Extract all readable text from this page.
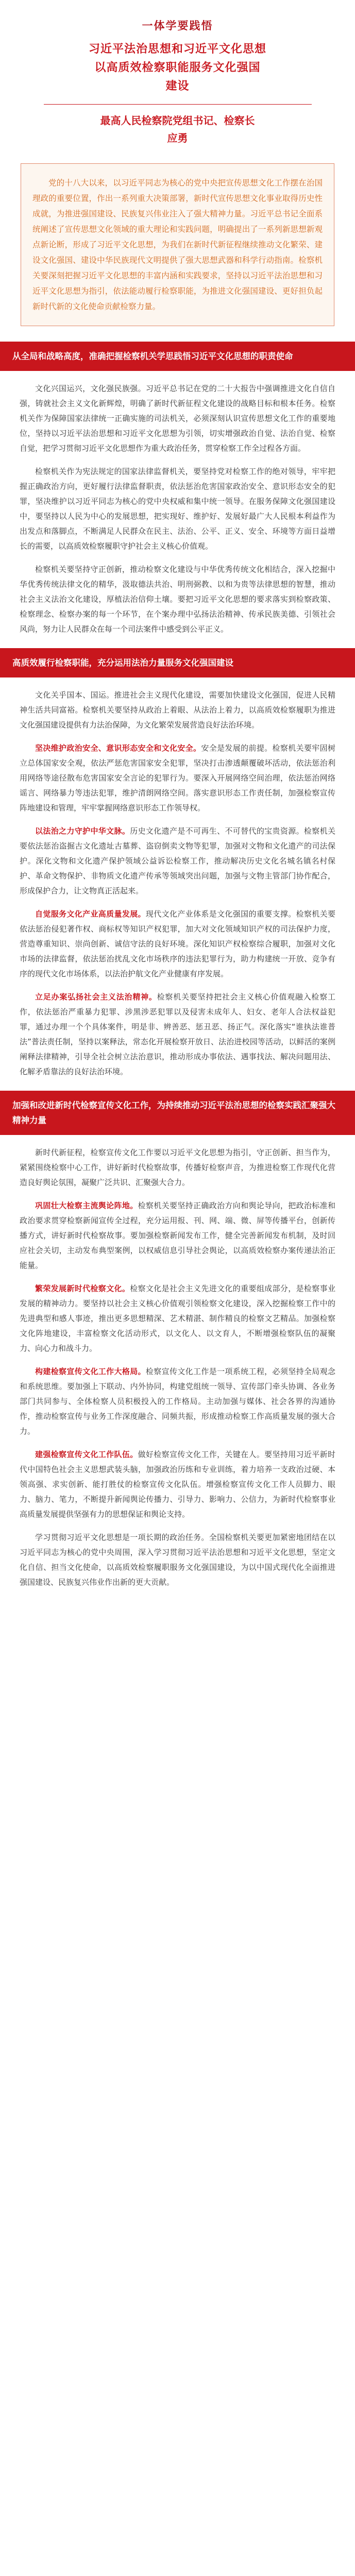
一体学要践悟
习近平法治思想和习近平文化思想
以高质效检察职能服务文化强国
建设
最高人民检察院党组书记、检察长
应勇

党的十八大以来，以习近平同志为核心的党中央把宣传思想文化工作摆在治国理政的重要位置，作出一系列重大决策部署，新时代宣传思想文化事业取得历史性成就，为推进强国建设、民族复兴伟业注入了强大精神力量。习近平总书记全面系统阐述了宣传思想文化领域的重大理论和实践问题，明确提出了一系列新思想新观点新论断，形成了习近平文化思想，为我们在新时代新征程继续推动文化繁荣、建设文化强国、建设中华民族现代文明提供了强大思想武器和科学行动指南。检察机关要深刻把握习近平文化思想的丰富内涵和实践要求，坚持以习近平法治思想和习近平文化思想为指引，依法能动履行检察职能，为推进文化强国建设、更好担负起新时代新的文化使命贡献检察力量。

从全局和战略高度，准确把握检察机关学思践悟习近平文化思想的职责使命

文化兴国运兴，文化强民族强。习近平总书记在党的二十大报告中强调推进文化自信自强，铸就社会主义文化新辉煌，明确了新时代新征程文化建设的战略目标和根本任务。检察机关作为保障国家法律统一正确实施的司法机关，必须深刻认识宣传思想文化工作的重要地位，坚持以习近平法治思想和习近平文化思想为引领，切实增强政治自觉、法治自觉、检察自觉，把学习贯彻习近平文化思想作为重大政治任务，贯穿检察工作全过程各方面。

检察机关作为宪法规定的国家法律监督机关，要坚持党对检察工作的绝对领导，牢牢把握正确政治方向，更好履行法律监督职责，依法惩治危害国家政治安全、意识形态安全的犯罪，坚决维护以习近平同志为核心的党中央权威和集中统一领导。在服务保障文化强国建设中，要坚持以人民为中心的发展思想，把实现好、维护好、发展好最广大人民根本利益作为出发点和落脚点，不断满足人民群众在民主、法治、公平、正义、安全、环境等方面日益增长的需要，以高质效检察履职守护社会主义核心价值观。

检察机关要坚持守正创新，推动检察文化建设与中华优秀传统文化相结合，深入挖掘中华优秀传统法律文化的精华，汲取德法共治、明刑弼教、以和为贵等法律思想的智慧，推动社会主义法治文化建设，厚植法治信仰土壤。要把习近平文化思想的要求落实到检察政策、检察理念、检察办案的每一个环节，在个案办理中弘扬法治精神、传承民族美德、引领社会风尚，努力让人民群众在每一个司法案件中感受到公平正义。

高质效履行检察职能，充分运用法治力量服务文化强国建设

文化关乎国本、国运。推进社会主义现代化建设，需要加快建设文化强国，促进人民精神生活共同富裕。检察机关要坚持从政治上着眼、从法治上着力，以高质效检察履职为推进文化强国建设提供有力法治保障，为文化繁荣发展营造良好法治环境。

坚决维护政治安全、意识形态安全和文化安全。安全是发展的前提。检察机关要牢固树立总体国家安全观，依法严惩危害国家安全犯罪，坚决打击渗透颠覆破坏活动，依法惩治利用网络等途径散布危害国家安全言论的犯罪行为。要深入开展网络空间治理，依法惩治网络谣言、网络暴力等违法犯罪，维护清朗网络空间。落实意识形态工作责任制，加强检察宣传阵地建设和管理，牢牢掌握网络意识形态工作领导权。

以法治之力守护中华文脉。历史文化遗产是不可再生、不可替代的宝贵资源。检察机关要依法惩治盗掘古文化遗址古墓葬、盗窃倒卖文物等犯罪，加强对文物和文化遗产的司法保护。深化文物和文化遗产保护领域公益诉讼检察工作，推动解决历史文化名城名镇名村保护、革命文物保护、非物质文化遗产传承等领域突出问题，加强与文物主管部门协作配合，形成保护合力，让文物真正活起来。

自觉服务文化产业高质量发展。现代文化产业体系是文化强国的重要支撑。检察机关要依法惩治侵犯著作权、商标权等知识产权犯罪，加大对文化领域知识产权的司法保护力度，营造尊重知识、崇尚创新、诚信守法的良好环境。深化知识产权检察综合履职，加强对文化市场的法律监督，依法惩治扰乱文化市场秩序的违法犯罪行为，助力构建统一开放、竞争有序的现代文化市场体系，以法治护航文化产业健康有序发展。

立足办案弘扬社会主义法治精神。检察机关要坚持把社会主义核心价值观融入检察工作，依法惩治严重暴力犯罪、涉黑涉恶犯罪以及侵害未成年人、妇女、老年人合法权益犯罪，通过办理一个个具体案件，明是非、辨善恶、惩丑恶、扬正气。深化落实“谁执法谁普法”普法责任制，坚持以案释法，常态化开展检察开放日、法治进校园等活动，以鲜活的案例阐释法律精神，引导全社会树立法治意识，推动形成办事依法、遇事找法、解决问题用法、化解矛盾靠法的良好法治环境。

加强和改进新时代检察宣传文化工作，为持续推动习近平法治思想的检察实践汇聚强大精神力量

新时代新征程，检察宣传文化工作要以习近平文化思想为指引，守正创新、担当作为，紧紧围绕检察中心工作，讲好新时代检察故事，传播好检察声音，为推进检察工作现代化营造良好舆论氛围，凝聚广泛共识、汇聚强大合力。

巩固壮大检察主流舆论阵地。检察机关要坚持正确政治方向和舆论导向，把政治标准和政治要求贯穿检察新闻宣传全过程，充分运用报、刊、网、端、微、屏等传播平台，创新传播方式，讲好新时代检察故事。要加强检察新闻发布工作，健全完善新闻发布机制，及时回应社会关切，主动发布典型案例，以权威信息引导社会舆论，以高质效检察办案传递法治正能量。

繁荣发展新时代检察文化。检察文化是社会主义先进文化的重要组成部分，是检察事业发展的精神动力。要坚持以社会主义核心价值观引领检察文化建设，深入挖掘检察工作中的先进典型和感人事迹，推出更多思想精深、艺术精湛、制作精良的检察文艺精品。加强检察文化阵地建设，丰富检察文化活动形式，以文化人、以文育人，不断增强检察队伍的凝聚力、向心力和战斗力。

构建检察宣传文化工作大格局。检察宣传文化工作是一项系统工程，必须坚持全局观念和系统思维。要加强上下联动、内外协同，构建党组统一领导、宣传部门牵头协调、各业务部门共同参与、全体检察人员积极投入的工作格局。主动加强与媒体、社会各界的沟通协作，推动检察宣传与业务工作深度融合、同频共振，形成推动检察工作高质量发展的强大合力。

建强检察宣传文化工作队伍。做好检察宣传文化工作，关键在人。要坚持用习近平新时代中国特色社会主义思想武装头脑，加强政治历练和专业训练，着力培养一支政治过硬、本领高强、求实创新、能打胜仗的检察宣传文化队伍。增强检察宣传文化工作人员脚力、眼力、脑力、笔力，不断提升新闻舆论传播力、引导力、影响力、公信力，为新时代检察事业高质量发展提供坚强有力的思想保证和舆论支持。

学习贯彻习近平文化思想是一项长期的政治任务。全国检察机关要更加紧密地团结在以习近平同志为核心的党中央周围，深入学习贯彻习近平法治思想和习近平文化思想，坚定文化自信、担当文化使命，以高质效检察履职服务文化强国建设，为以中国式现代化全面推进强国建设、民族复兴伟业作出新的更大贡献。
